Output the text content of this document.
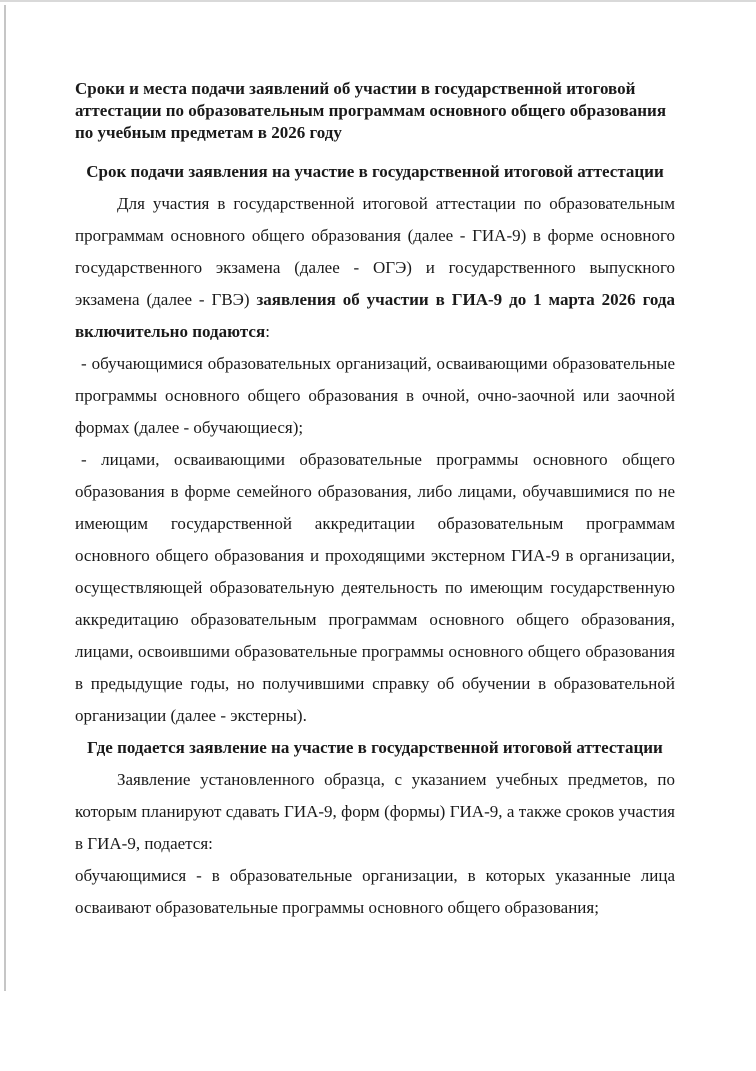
Сроки и места подачи заявлений об участии в государственной итоговой аттестации по образовательным программам основного общего образования по учебным предметам в 2026 году
Срок подачи заявления на участие в государственной итоговой аттестации

Для участия в государственной итоговой аттестации по образовательным программам основного общего образования (далее - ГИА-9) в форме основного государственного экзамена (далее - ОГЭ) и государственного выпускного экзамена (далее - ГВЭ) заявления об участии в ГИА-9 до 1 марта 2026 года включительно подаются:

- обучающимися образовательных организаций, осваивающими образовательные программы основного общего образования в очной, очно-заочной или заочной формах (далее - обучающиеся);

- лицами, осваивающими образовательные программы основного общего образования в форме семейного образования, либо лицами, обучавшимися по не имеющим государственной аккредитации образовательным программам основного общего образования и проходящими экстерном ГИА-9 в организации, осуществляющей образовательную деятельность по имеющим государственную аккредитацию образовательным программам основного общего образования, лицами, освоившими образовательные программы основного общего образования в предыдущие годы, но получившими справку об обучении в образовательной организации (далее - экстерны).

Где подается заявление на участие в государственной итоговой аттестации

Заявление установленного образца, с указанием учебных предметов, по которым планируют сдавать ГИА-9, форм (формы) ГИА-9, а также сроков участия в ГИА-9, подается:

обучающимися - в образовательные организации, в которых указанные лица осваивают образовательные программы основного общего образования;
